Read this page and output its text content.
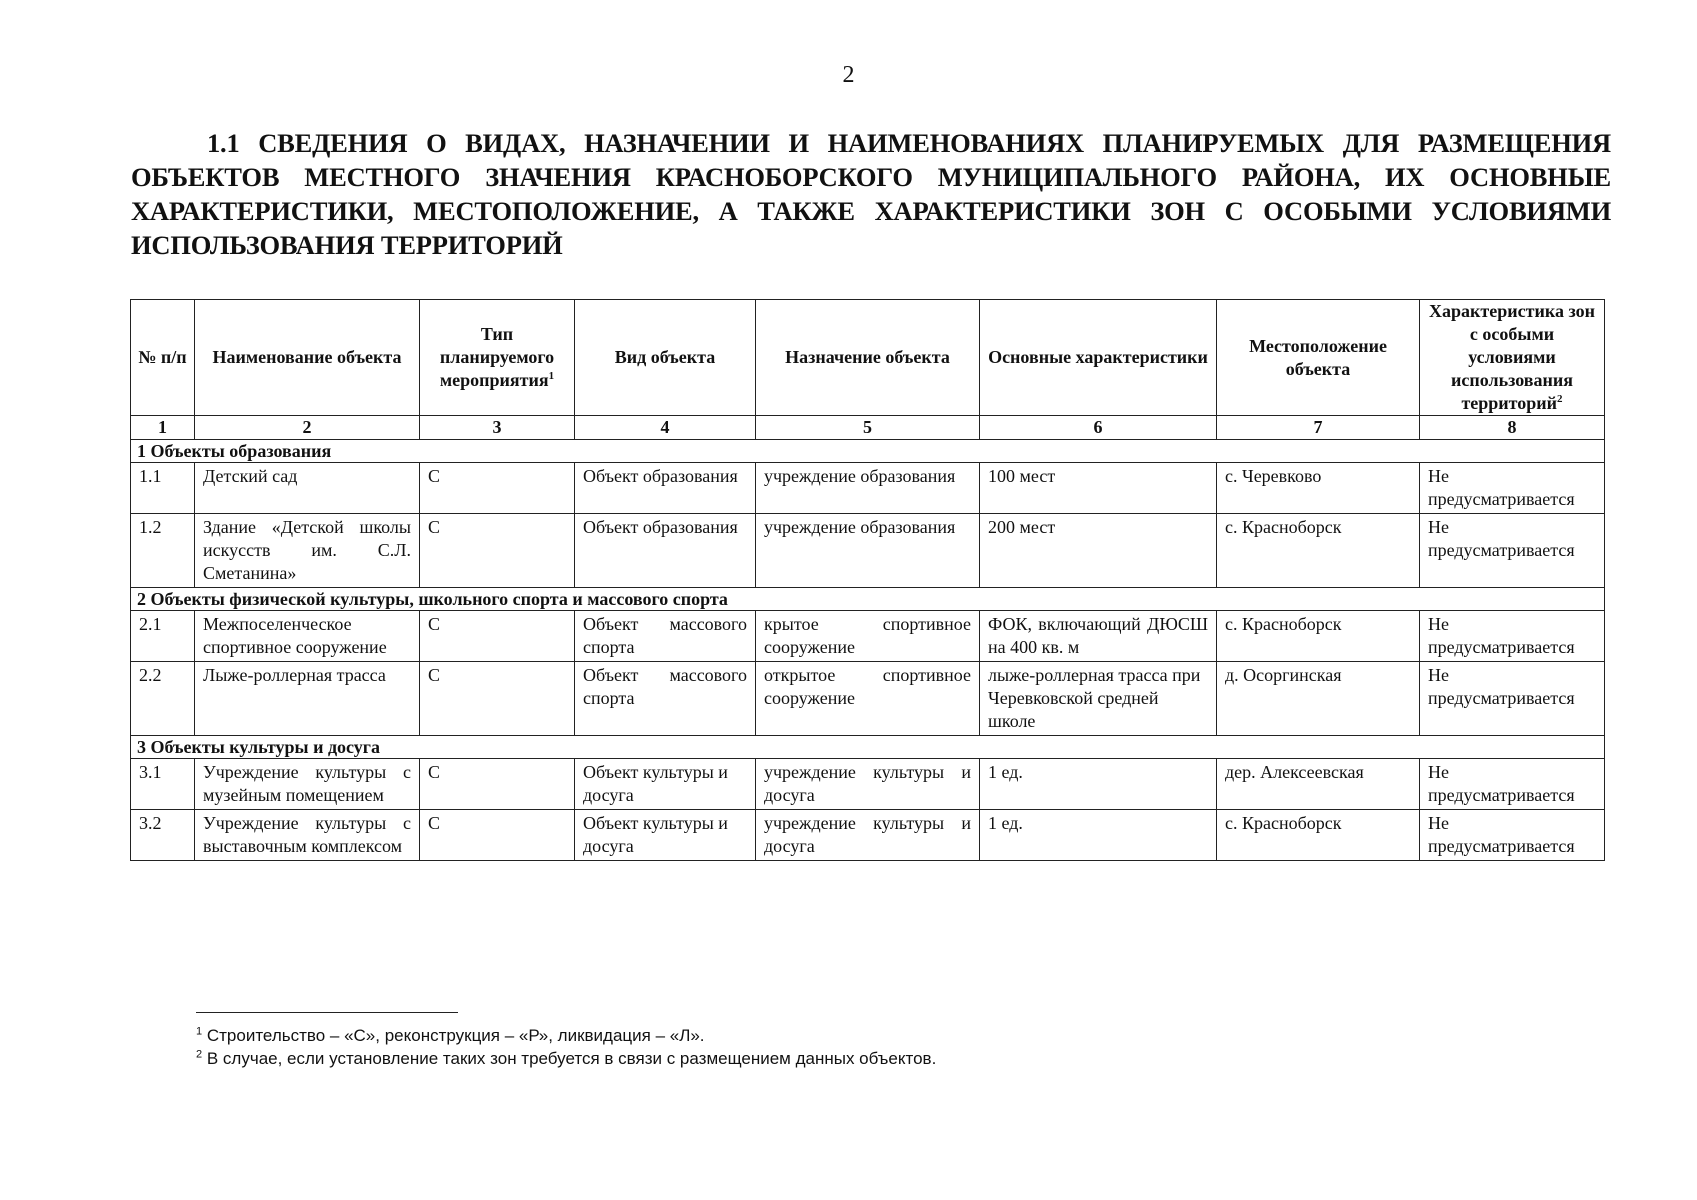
2
1.1 СВЕДЕНИЯ О ВИДАХ, НАЗНАЧЕНИИ И НАИМЕНОВАНИЯХ ПЛАНИРУЕМЫХ ДЛЯ РАЗМЕЩЕНИЯ ОБЪЕКТОВ МЕСТНОГО ЗНАЧЕНИЯ КРАСНОБОРСКОГО МУНИЦИПАЛЬНОГО РАЙОНА, ИХ ОСНОВНЫЕ ХАРАКТЕРИСТИКИ, МЕСТОПОЛОЖЕНИЕ, А ТАКЖЕ ХАРАКТЕРИСТИКИ ЗОН С ОСОБЫМИ УСЛОВИЯМИ ИСПОЛЬЗОВАНИЯ ТЕРРИТОРИЙ
№ п/п	Наименование объекта	Тип планируемого мероприятия$^1$	Вид объекта	Назначение объекта	Основные характеристики	Местоположение объекта	Характеристика зон с особыми условиями использования территорий$^2$
1	2	3	4	5	6	7	8
1 Объекты образования							
1.1	Детский сад	С	Объект образования	учреждение образования	100 мест	с. Черевково	Не предусматривается
1.2	Здание «Детской школы искусств им. С.Л. Сметанина»	С	Объект образования	учреждение образования	200 мест	с. Красноборск	Не предусматривается
2 Объекты физической культуры, школьного спорта и массового спорта							
2.1	Межпоселенческое спортивное сооружение	С	Объект массового спорта	крытое спортивное сооружение	ФОК, включающий ДЮСШ на 400 кв. м	с. Красноборск	Не предусматривается
2.2	Лыже-роллерная трасса	С	Объект массового спорта	открытое спортивное сооружение	лыже-роллерная трасса при Черевковской средней школе	д. Осоргинская	Не предусматривается
3 Объекты культуры и досуга							
3.1	Учреждение культуры с музейным помещением	С	Объект культуры и досуга	учреждение культуры и досуга	1 ед.	дер. Алексеевская	Не предусматривается
3.2	Учреждение культуры с выставочным комплексом	С	Объект культуры и досуга	учреждение культуры и досуга	1 ед.	с. Красноборск	Не предусматривается
$^1$ Строительство – «С», реконструкция – «Р», ликвидация – «Л».
$^2$ В случае, если установление таких зон требуется в связи с размещением данных объектов.
